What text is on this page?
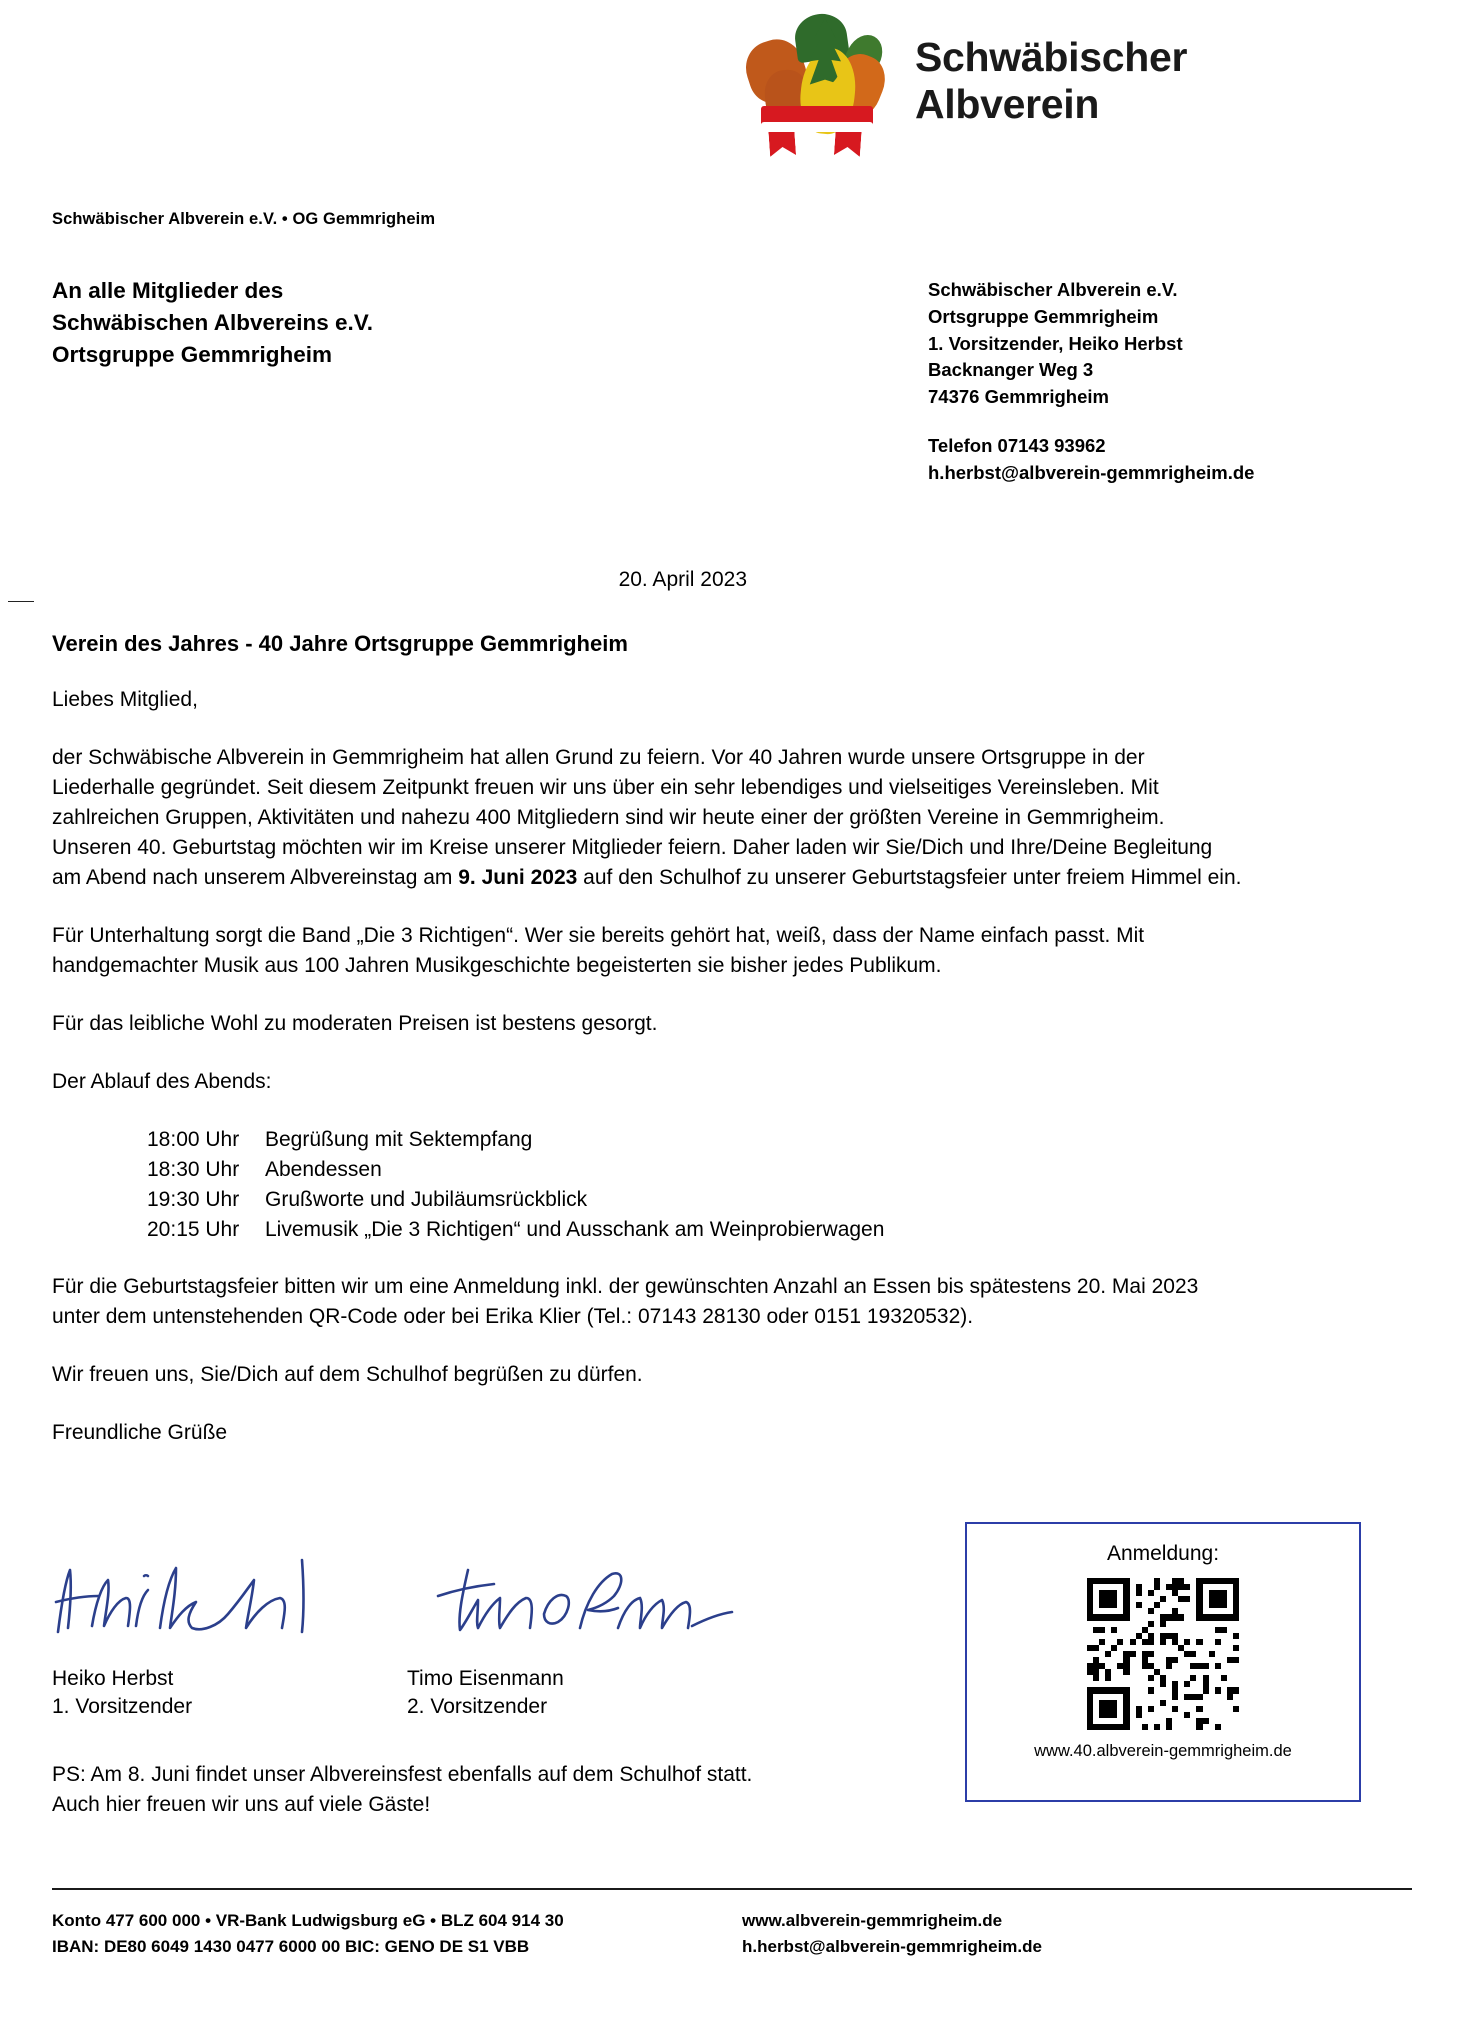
Schwäbischer
Albverein
Schwäbischer Albverein e.V. • OG Gemmrigheim
An alle Mitglieder des
Schwäbischen Albvereins e.V.
Ortsgruppe Gemmrigheim
Schwäbischer Albverein e.V.
Ortsgruppe Gemmrigheim
1. Vorsitzender, Heiko Herbst
Backnanger Weg 3
74376 Gemmrigheim
Telefon 07143 93962
h.herbst@albverein-gemmrigheim.de
20. April 2023
Verein des Jahres - 40 Jahre Ortsgruppe Gemmrigheim

Liebes Mitglied,

der Schwäbische Albverein in Gemmrigheim hat allen Grund zu feiern. Vor 40 Jahren wurde unsere Ortsgruppe in der Liederhalle gegründet. Seit diesem Zeitpunkt freuen wir uns über ein sehr lebendiges und vielseitiges Vereinsleben. Mit zahlreichen Gruppen, Aktivitäten und nahezu 400 Mitgliedern sind wir heute einer der größten Vereine in Gemmrigheim. Unseren 40. Geburtstag möchten wir im Kreise unserer Mitglieder feiern. Daher laden wir Sie/Dich und Ihre/Deine Begleitung am Abend nach unserem Albvereinstag am 9. Juni 2023 auf den Schulhof zu unserer Geburtstagsfeier unter freiem Himmel ein.

Für Unterhaltung sorgt die Band „Die 3 Richtigen“. Wer sie bereits gehört hat, weiß, dass der Name einfach passt. Mit handgemachter Musik aus 100 Jahren Musikgeschichte begeisterten sie bisher jedes Publikum.

Für das leibliche Wohl zu moderaten Preisen ist bestens gesorgt.

Der Ablauf des Abends:

18:00 Uhr	Begrüßung mit Sektempfang
18:30 Uhr	Abendessen
19:30 Uhr	Grußworte und Jubiläumsrückblick
20:15 Uhr	Livemusik „Die 3 Richtigen“ und Ausschank am Weinprobierwagen

Für die Geburtstagsfeier bitten wir um eine Anmeldung inkl. der gewünschten Anzahl an Essen bis spätestens 20. Mai 2023 unter dem untenstehenden QR-Code oder bei Erika Klier (Tel.: 07143 28130 oder 0151 19320532).

Wir freuen uns, Sie/Dich auf dem Schulhof begrüßen zu dürfen.

Freundliche Grüße

Heiko Herbst	Timo Eisenmann
1. Vorsitzender	2. Vorsitzender
PS: Am 8. Juni findet unser Albvereinsfest ebenfalls auf dem Schulhof statt.
Auch hier freuen wir uns auf viele Gäste!
Anmeldung:
www.40.albverein-gemmrigheim.de
Konto 477 600 000 • VR-Bank Ludwigsburg eG • BLZ 604 914 30
IBAN: DE80 6049 1430 0477 6000 00 BIC: GENO DE S1 VBB
www.albverein-gemmrigheim.de
h.herbst@albverein-gemmrigheim.de
